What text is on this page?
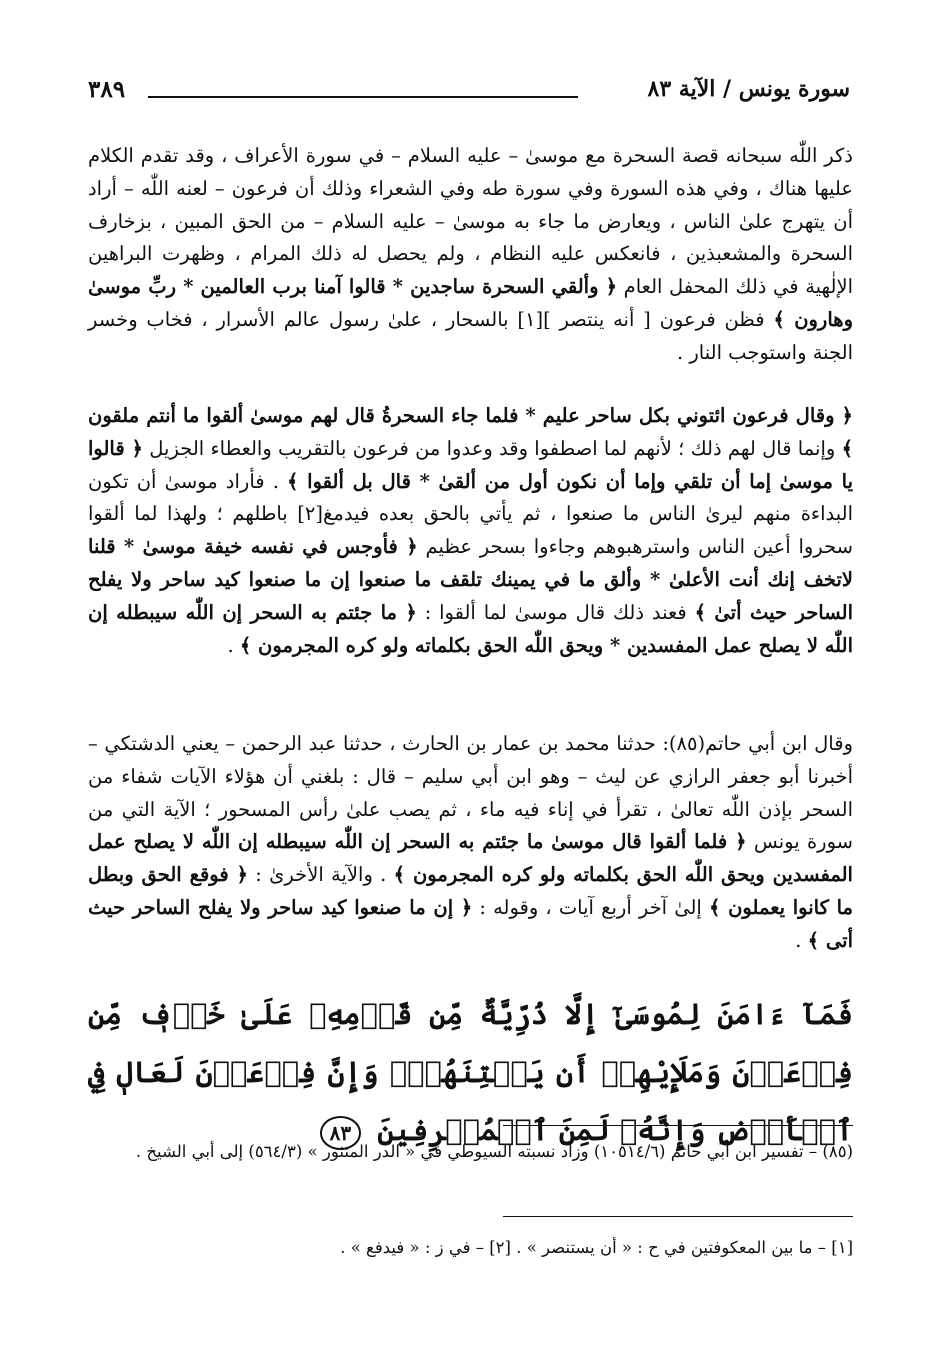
٣٨٩	سورة يونس / الآية ٨٣

ذكر اللّٰه سبحانه قصة السحرة مع موسىٰ – عليه السلام – في سورة الأعراف ، وقد تقدم الكلام عليها هناك ، وفي هذه السورة وفي سورة طه وفي الشعراء وذلك أن فرعون – لعنه اللّٰه – أراد أن يتهرج علىٰ الناس ، ويعارض ما جاء به موسىٰ – عليه السلام – من الحق المبين ، بزخارف السحرة والمشعبذين ، فانعكس عليه النظام ، ولم يحصل له ذلك المرام ، وظهرت البراهين الإلٰهية في ذلك المحفل العام ﴿ وألقي السحرة ساجدين * قالوا آمنا برب العالمين * ربِّ موسىٰ وهارون ﴾ فظن فرعون [ أنه ينتصر ][١] بالسحار ، علىٰ رسول عالم الأسرار ، فخاب وخسر الجنة واستوجب النار .

﴿ وقال فرعون ائتوني بكل ساحر عليم * فلما جاء السحرةُ قال لهم موسىٰ ألقوا ما أنتم ملقون ﴾ وإنما قال لهم ذلك ؛ لأنهم لما اصطفوا وقد وعدوا من فرعون بالتقريب والعطاء الجزيل ﴿ قالوا يا موسىٰ إما أن تلقي وإما أن نكون أول من ألقىٰ * قال بل ألقوا ﴾ . فأراد موسىٰ أن تكون البداءة منهم ليرىٰ الناس ما صنعوا ، ثم يأتي بالحق بعده فيدمغ[٢] باطلهم ؛ ولهذا لما ألقوا سحروا أعين الناس واسترهبوهم وجاءوا بسحر عظيم ﴿ فأوجس في نفسه خيفة موسىٰ * قلنا لاتخف إنك أنت الأعلىٰ * وألق ما في يمينك تلقف ما صنعوا إن ما صنعوا كيد ساحر ولا يفلح الساحر حيث أتىٰ ﴾ فعند ذلك قال موسىٰ لما ألقوا : ﴿ ما جئتم به السحر إن اللّٰه سيبطله إن اللّٰه لا يصلح عمل المفسدين * ويحق اللّٰه الحق بكلماته ولو كره المجرمون ﴾ .

وقال ابن أبي حاتم(٨٥): حدثنا محمد بن عمار بن الحارث ، حدثنا عبد الرحمن – يعني الدشتكي – أخبرنا أبو جعفر الرازي عن ليث – وهو ابن أبي سليم – قال : بلغني أن هؤلاء الآيات شفاء من السحر بإذن اللّٰه تعالىٰ ، تقرأ في إناء فيه ماء ، ثم يصب علىٰ رأس المسحور ؛ الآية التي من سورة يونس ﴿ فلما ألقوا قال موسىٰ ما جئتم به السحر إن اللّٰه سيبطله إن اللّٰه لا يصلح عمل المفسدين ويحق اللّٰه الحق بكلماته ولو كره المجرمون ﴾ . والآية الأخرىٰ : ﴿ فوقع الحق وبطل ما كانوا يعملون ﴾ إلىٰ آخر أربع آيات ، وقوله : ﴿ إن ما صنعوا كيد ساحر ولا يفلح الساحر حيث أتى ﴾ .

فَمَآ ءَامَنَ لِمُوسَىٰٓ إِلَّا ذُرِّيَّةٌ مِّن قَوۡمِهِۦ عَلَىٰ خَوۡفٖ مِّن فِرۡعَوۡنَ وَمَلَإِيْهِمۡ أَن يَفۡتِنَهُمۡۚ وَإِنَّ فِرۡعَوۡنَ لَعَالٖ فِي ٱلۡأَرۡضِ وَإِنَّهُۥ لَمِنَ ٱلۡمُسۡرِفِينَ ٨٣

(٨٥) – تفسير ابن أبي حاتم (١٠٥١٤/٦) وزاد نسبته السيوطي في « الدر المنثور » (٥٦٤/٣) إلى أبي الشيخ .

[١] – ما بين المعكوفتين في ح : « أن يستنصر » . [٢] – في ز : « فيدفع » .
